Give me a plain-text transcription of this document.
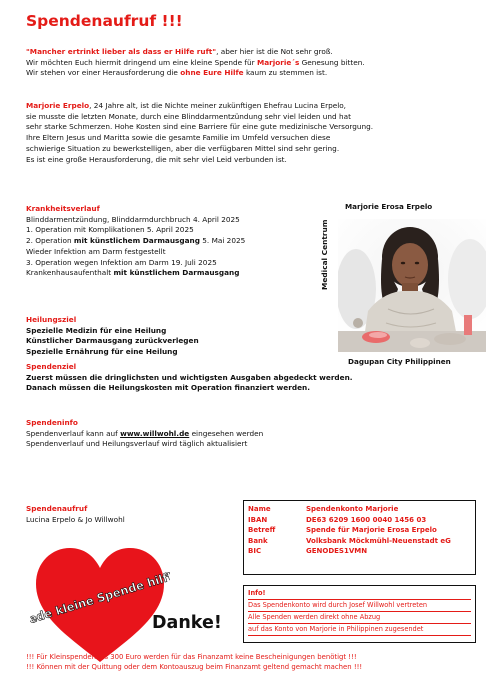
Spendenaufruf !!!
"Mancher ertrinkt lieber als dass er Hilfe ruft", aber hier ist die Not sehr groß.
Wir möchten Euch hiermit dringend um eine kleine Spende für Marjorie´s Genesung bitten.
Wir stehen vor einer Herausforderung die ohne Eure Hilfe kaum zu stemmen ist.
Marjorie Erpelo, 24 Jahre alt, ist die Nichte meiner zukünftigen Ehefrau Lucina Erpelo,
sie musste die letzten Monate, durch eine Blinddarmentzündung sehr viel leiden und hat
sehr starke Schmerzen. Hohe Kosten sind eine Barriere für eine gute medizinische Versorgung.
Ihre Eltern Jesus und Maritta sowie die gesamte Familie im Umfeld versuchen diese
schwierige Situation zu bewerkstelligen, aber die verfügbaren Mittel sind sehr gering.
Es ist eine große Herausforderung, die mit sehr viel Leid verbunden ist.
Krankheitsverlauf
Blinddarmentzündung, Blinddarmdurchbruch 4. April 2025
1. Operation mit Komplikationen 5. April 2025
2. Operation mit künstlichem Darmausgang 5. Mai 2025
Wieder Infektion am Darm festgestellt
3. Operation wegen Infektion am Darm 19. Juli 2025
Krankenhausaufenthalt mit künstlichem Darmausgang
Heilungsziel
Spezielle Medizin für eine Heilung
Künstlicher Darmausgang zurückverlegen
Spezielle Ernährung für eine Heilung
Spendenziel
Zuerst müssen die dringlichsten und wichtigsten Ausgaben abgedeckt werden.
Danach müssen die Heilungskosten mit Operation finanziert werden.
Spendeninfo
Spendenverlauf kann auf www.willwohl.de eingesehen werden
Spendenverlauf und Heilungsverlauf wird täglich aktualisiert
Spendenaufruf
Lucina Erpelo & Jo Willwohl
Marjorie Erosa Erpelo
Medical Centrum
Dagupan City Philippinen
Name	Spendenkonto Marjorie
IBAN	DE63 6209 1600 0040 1456 03
Betreff	Spende für Marjorie Erosa Erpelo
Bank	Volksbank Möckmühl-Neuenstadt eG
BIC	GENODES1VMN
Info!
Das Spendenkonto wird durch Josef Willwohl vertreten
Alle Spenden werden direkt ohne Abzug
auf das Konto von Marjorie in Philippinen zugesendet
Jede kleine Spende hilft
Danke!
!!! Für Kleinspenden bis 300 Euro werden für das Finanzamt keine Bescheinigungen benötigt !!!
!!! Können mit der Quittung oder dem Kontoauszug beim Finanzamt geltend gemacht machen !!!
